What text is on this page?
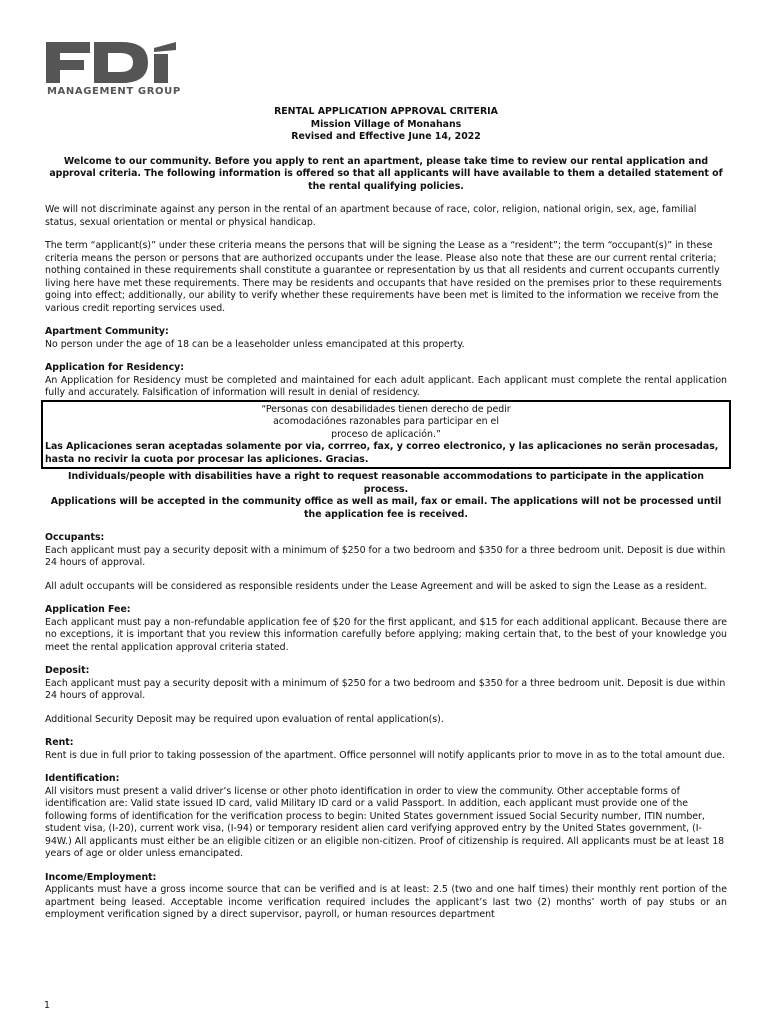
MANAGEMENT GROUP
RENTAL APPLICATION APPROVAL CRITERIA
Mission Village of Monahans
Revised and Effective June 14, 2022

Welcome to our community. Before you apply to rent an apartment, please take time to review our rental application and approval criteria. The following information is offered so that all applicants will have available to them a detailed statement of the rental qualifying policies.

We will not discriminate against any person in the rental of an apartment because of race, color, religion, national origin, sex, age, familial status, sexual orientation or mental or physical handicap.

The term “applicant(s)” under these criteria means the persons that will be signing the Lease as a “resident”; the term “occupant(s)” in these criteria means the person or persons that are authorized occupants under the lease. Please also note that these are our current rental criteria; nothing contained in these requirements shall constitute a guarantee or representation by us that all residents and current occupants currently living here have met these requirements. There may be residents and occupants that have resided on the premises prior to these requirements going into effect; additionally, our ability to verify whether these requirements have been met is limited to the information we receive from the various credit reporting services used.

Apartment Community:

No person under the age of 18 can be a leaseholder unless emancipated at this property.

Application for Residency:

An Application for Residency must be completed and maintained for each adult applicant. Each applicant must complete the rental application fully and accurately. Falsification of information will result in denial of residency.

“Personas con desabilidades tienen derecho de pedir
acomodaciónes razonables para participar en el
proceso de aplicación.”
Las Aplicaciones seran aceptadas solamente por via, corrreo, fax, y correo electronico, y las aplicaciones no serãn procesadas, hasta no recivir la cuota por procesar las apliciones. Gracias.

Individuals/people with disabilities have a right to request reasonable accommodations to participate in the application process.

Applications will be accepted in the community office as well as mail, fax or email. The applications will not be processed until the application fee is received.

Occupants:

Each applicant must pay a security deposit with a minimum of $250 for a two bedroom and $350 for a three bedroom unit. Deposit is due within 24 hours of approval.

All adult occupants will be considered as responsible residents under the Lease Agreement and will be asked to sign the Lease as a resident.

Application Fee:

Each applicant must pay a non-refundable application fee of $20 for the first applicant, and $15 for each additional applicant. Because there are no exceptions, it is important that you review this information carefully before applying; making certain that, to the best of your knowledge you meet the rental application approval criteria stated.

Deposit:

Each applicant must pay a security deposit with a minimum of $250 for a two bedroom and $350 for a three bedroom unit. Deposit is due within 24 hours of approval.

Additional Security Deposit may be required upon evaluation of rental application(s).

Rent:

Rent is due in full prior to taking possession of the apartment. Office personnel will notify applicants prior to move in as to the total amount due.

Identification:

All visitors must present a valid driver’s license or other photo identification in order to view the community. Other acceptable forms of identification are: Valid state issued ID card, valid Military ID card or a valid Passport. In addition, each applicant must provide one of the following forms of identification for the verification process to begin: United States government issued Social Security number, ITIN number, student visa, (I-20), current work visa, (I-94) or temporary resident alien card verifying approved entry by the United States government, (I-94W.) All applicants must either be an eligible citizen or an eligible non-citizen. Proof of citizenship is required. All applicants must be at least 18 years of age or older unless emancipated.

Income/Employment:

Applicants must have a gross income source that can be verified and is at least: 2.5 (two and one half times) their monthly rent portion of the apartment being leased. Acceptable income verification required includes the applicant’s last two (2) months’ worth of pay stubs or an employment verification signed by a direct supervisor, payroll, or human resources department

1
